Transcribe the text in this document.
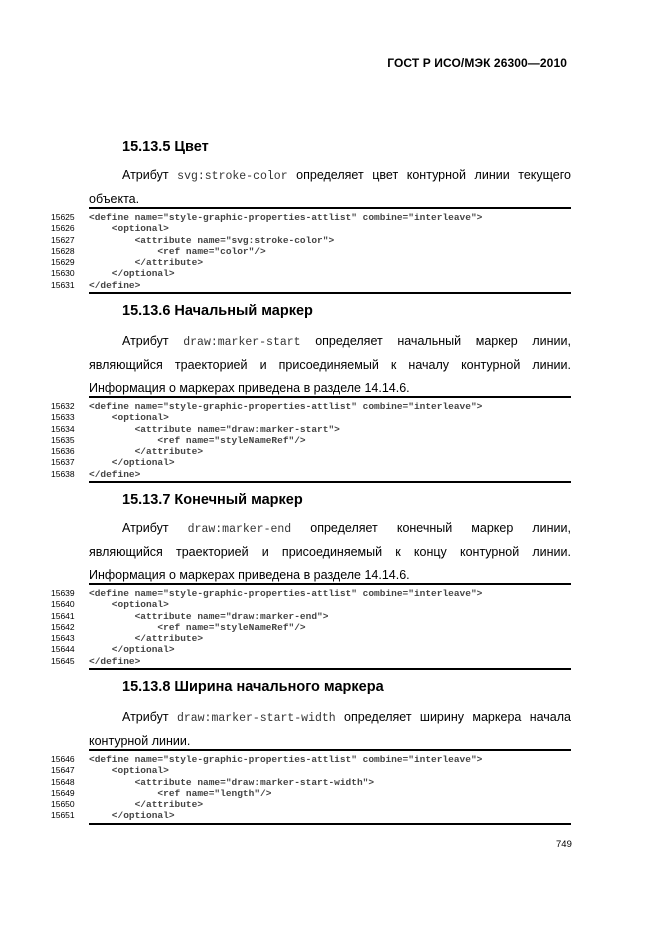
ГОСТ Р ИСО/МЭК 26300—2010
15.13.5 Цвет
Атрибут svg:stroke-color определяет цвет контурной линии текущего
объекта.
15625	<define name="style-graphic-properties-attlist" combine="interleave">
15626	<optional>
15627	<attribute name="svg:stroke-color">
15628	<ref name="color"/>
15629	</attribute>
15630	</optional>
15631	</define>
15.13.6 Начальный маркер
Атрибут draw:marker-start определяет начальный маркер линии,
являющийся траекторией и присоединяемый к началу контурной линии.
Информация о маркерах приведена в разделе 14.14.6.
15632	<define name="style-graphic-properties-attlist" combine="interleave">
15633	<optional>
15634	<attribute name="draw:marker-start">
15635	<ref name="styleNameRef"/>
15636	</attribute>
15637	</optional>
15638	</define>
15.13.7 Конечный маркер
Атрибут draw:marker-end определяет конечный маркер линии,
являющийся траекторией и присоединяемый к концу контурной линии.
Информация о маркерах приведена в разделе 14.14.6.
15639	<define name="style-graphic-properties-attlist" combine="interleave">
15640	<optional>
15641	<attribute name="draw:marker-end">
15642	<ref name="styleNameRef"/>
15643	</attribute>
15644	</optional>
15645	</define>
15.13.8 Ширина начального маркера
Атрибут draw:marker-start-width определяет ширину маркера начала
контурной линии.
15646	<define name="style-graphic-properties-attlist" combine="interleave">
15647	<optional>
15648	<attribute name="draw:marker-start-width">
15649	<ref name="length"/>
15650	</attribute>
15651	</optional>
749
